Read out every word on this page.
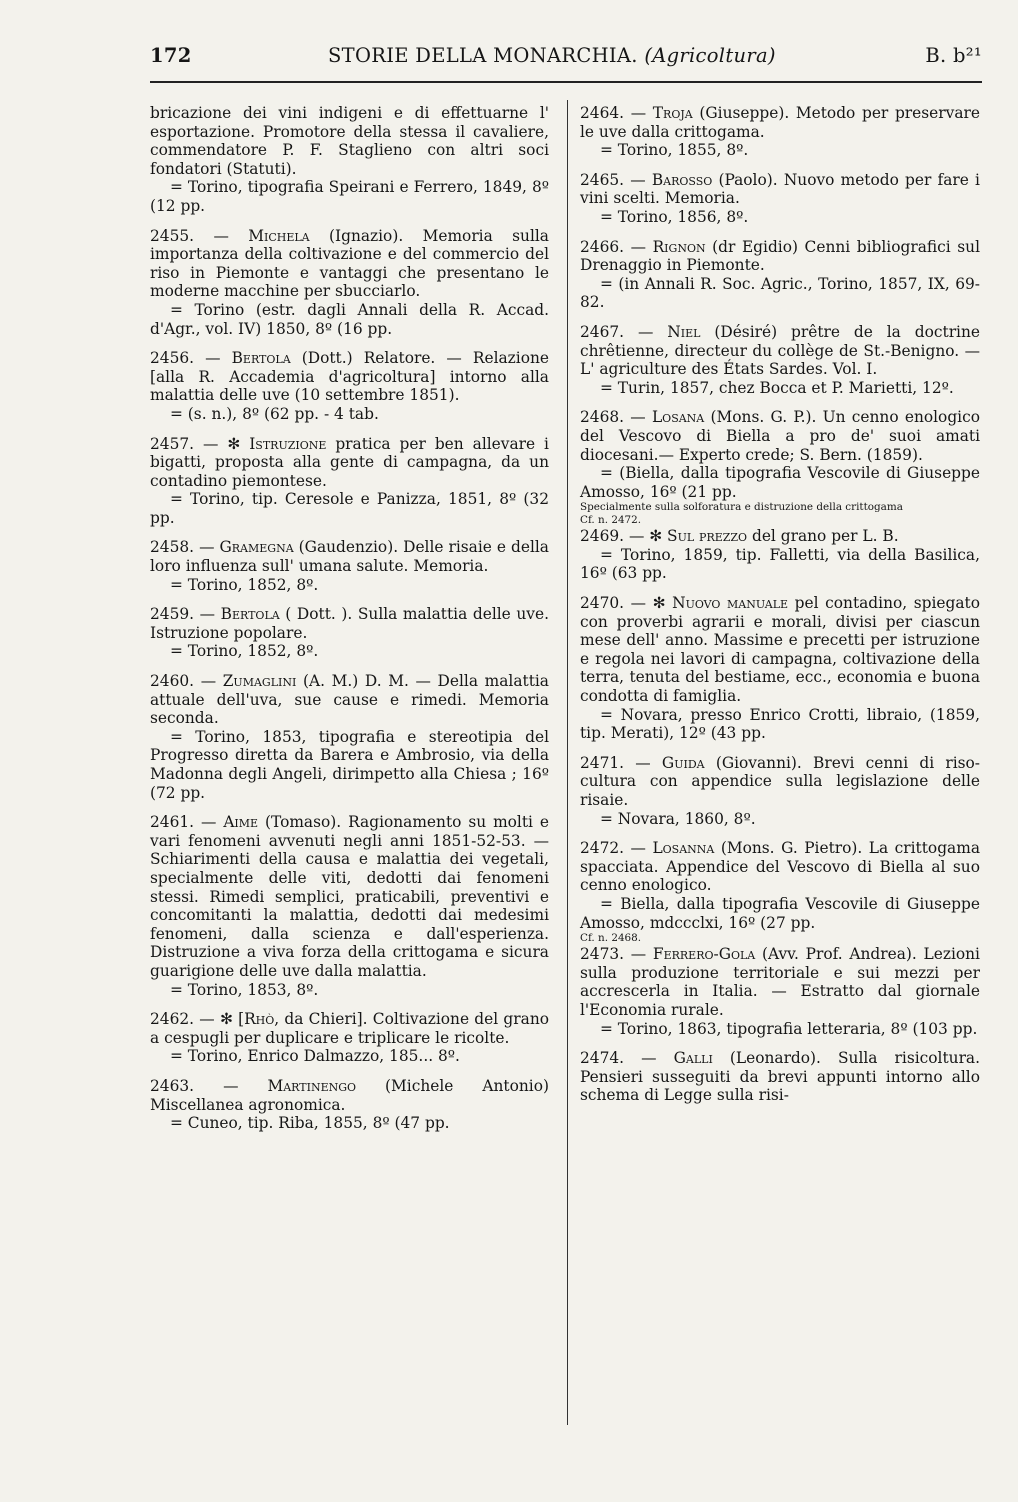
172	STORIE DELLA MONARCHIA. (Agricoltura)	B. b²¹

bricazione dei vini indigeni e di effettuarne l' esportazione. Promotore della stessa il cavaliere, commendatore P. F. Staglieno con altri soci fondatori (Statuti).

= Torino, tipografia Speirani e Ferrero, 1849, 8º (12 pp.

2455. — Michela (Ignazio). Memoria sulla importanza della coltivazione e del commercio del riso in Piemonte e vantaggi che presentano le moderne macchine per sbucciarlo.

= Torino (estr. dagli Annali della R. Accad. d'Agr., vol. IV) 1850, 8º (16 pp.

2456. — Bertola (Dott.) Relatore. — Relazione [alla R. Accademia d'agricoltura] intorno alla malattia delle uve (10 settembre 1851).

= (s. n.), 8º (62 pp. - 4 tab.

2457. — ✻ Istruzione pratica per ben allevare i bigatti, proposta alla gente di campagna, da un contadino piemontese.

= Torino, tip. Ceresole e Panizza, 1851, 8º (32 pp.

2458. — Gramegna (Gaudenzio). Delle risaie e della loro influenza sull' umana salute. Memoria.

= Torino, 1852, 8º.

2459. — Bertola ( Dott. ). Sulla malattia delle uve. Istruzione popolare.

= Torino, 1852, 8º.

2460. — Zumaglini (A. M.) D. M. — Della malattia attuale dell'uva, sue cause e rimedi. Memoria seconda.

= Torino, 1853, tipografia e stereotipia del Progresso diretta da Barera e Ambrosio, via della Madonna degli Angeli, dirimpetto alla Chiesa ; 16º (72 pp.

2461. — Aime (Tomaso). Ragionamento su molti e vari fenomeni avvenuti negli anni 1851-52-53. — Schiarimenti della causa e malattia dei vegetali, specialmente delle viti, dedotti dai fenomeni stessi. Rimedi semplici, praticabili, preventivi e concomitanti la malattia, dedotti dai medesimi fenomeni, dalla scienza e dall'esperienza. Distruzione a viva forza della crittogama e sicura guarigione delle uve dalla malattia.

= Torino, 1853, 8º.

2462. — ✻ [Rhò, da Chieri]. Coltivazione del grano a cespugli per duplicare e triplicare le ricolte.

= Torino, Enrico Dalmazzo, 185... 8º.

2463. — Martinengo (Michele Antonio) Miscellanea agronomica.

= Cuneo, tip. Riba, 1855, 8º (47 pp.

2464. — Troja (Giuseppe). Metodo per preservare le uve dalla crittogama.

= Torino, 1855, 8º.

2465. — Barosso (Paolo). Nuovo metodo per fare i vini scelti. Memoria.

= Torino, 1856, 8º.

2466. — Rignon (dr Egidio) Cenni bibliografici sul Drenaggio in Piemonte.

= (in Annali R. Soc. Agric., Torino, 1857, IX, 69-82.

2467. — Niel (Désiré) prêtre de la doctrine chrêtienne, directeur du collège de St.-Benigno. — L' agriculture des États Sardes. Vol. I.

= Turin, 1857, chez Bocca et P. Marietti, 12º.

2468. — Losana (Mons. G. P.). Un cenno enologico del Vescovo di Biella a pro de' suoi amati diocesani.— Experto crede; S. Bern. (1859).

= (Biella, dalla tipografia Vescovile di Giuseppe Amosso, 16º (21 pp.

Specialmente sulla solforatura e distruzione della crittogama

Cf. n. 2472.

2469. — ✻ Sul prezzo del grano per L. B.

= Torino, 1859, tip. Falletti, via della Basilica, 16º (63 pp.

2470. — ✻ Nuovo manuale pel contadino, spiegato con proverbi agrarii e morali, divisi per ciascun mese dell' anno. Massime e precetti per istruzione e regola nei lavori di campagna, coltivazione della terra, tenuta del bestiame, ecc., economia e buona condotta di famiglia.

= Novara, presso Enrico Crotti, libraio, (1859, tip. Merati), 12º (43 pp.

2471. — Guida (Giovanni). Brevi cenni di riso-cultura con appendice sulla legislazione delle risaie.

= Novara, 1860, 8º.

2472. — Losanna (Mons. G. Pietro). La crittogama spacciata. Appendice del Vescovo di Biella al suo cenno enologico.

= Biella, dalla tipografia Vescovile di Giuseppe Amosso, mdccclxi, 16º (27 pp.

Cf. n. 2468.

2473. — Ferrero-Gola (Avv. Prof. Andrea). Lezioni sulla produzione territoriale e sui mezzi per accrescerla in Italia. — Estratto dal giornale l'Economia rurale.

= Torino, 1863, tipografia letteraria, 8º (103 pp.

2474. — Galli (Leonardo). Sulla risicoltura. Pensieri susseguiti da brevi appunti intorno allo schema di Legge sulla risi-
